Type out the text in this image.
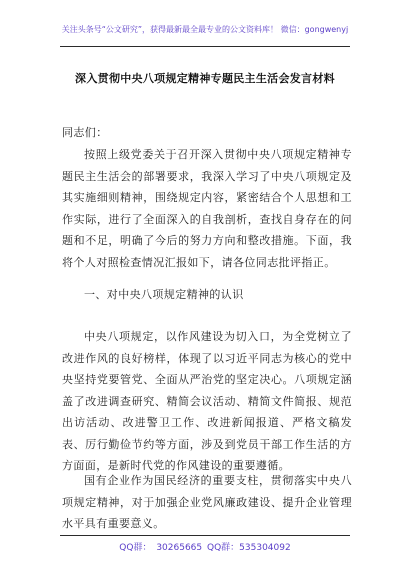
关注头条号“公文研究”，获得最新最全最专业的公文资料库！ 微信：gongwenyj
深入贯彻中央八项规定精神专题民主生活会发言材料
同志们：
按照上级党委关于召开深入贯彻中央八项规定精神专题民主生活会的部署要求，我深入学习了中央八项规定及其实施细则精神，围绕规定内容，紧密结合个人思想和工作实际，进行了全面深入的自我剖析，查找自身存在的问题和不足，明确了今后的努力方向和整改措施。下面，我将个人对照检查情况汇报如下，请各位同志批评指正。
一、对中央八项规定精神的认识
中央八项规定，以作风建设为切入口，为全党树立了改进作风的良好榜样，体现了以习近平同志为核心的党中央坚持党要管党、全面从严治党的坚定决心。八项规定涵盖了改进调查研究、精简会议活动、精简文件简报、规范出访活动、改进警卫工作、改进新闻报道、严格文稿发表、厉行勤俭节约等方面，涉及到党员干部工作生活的方方面面，是新时代党的作风建设的重要遵循。
国有企业作为国民经济的重要支柱，贯彻落实中央八项规定精神，对于加强企业党风廉政建设、提升企业管理水平具有重要意义。
QQ群： 30265665 QQ群：535304092
